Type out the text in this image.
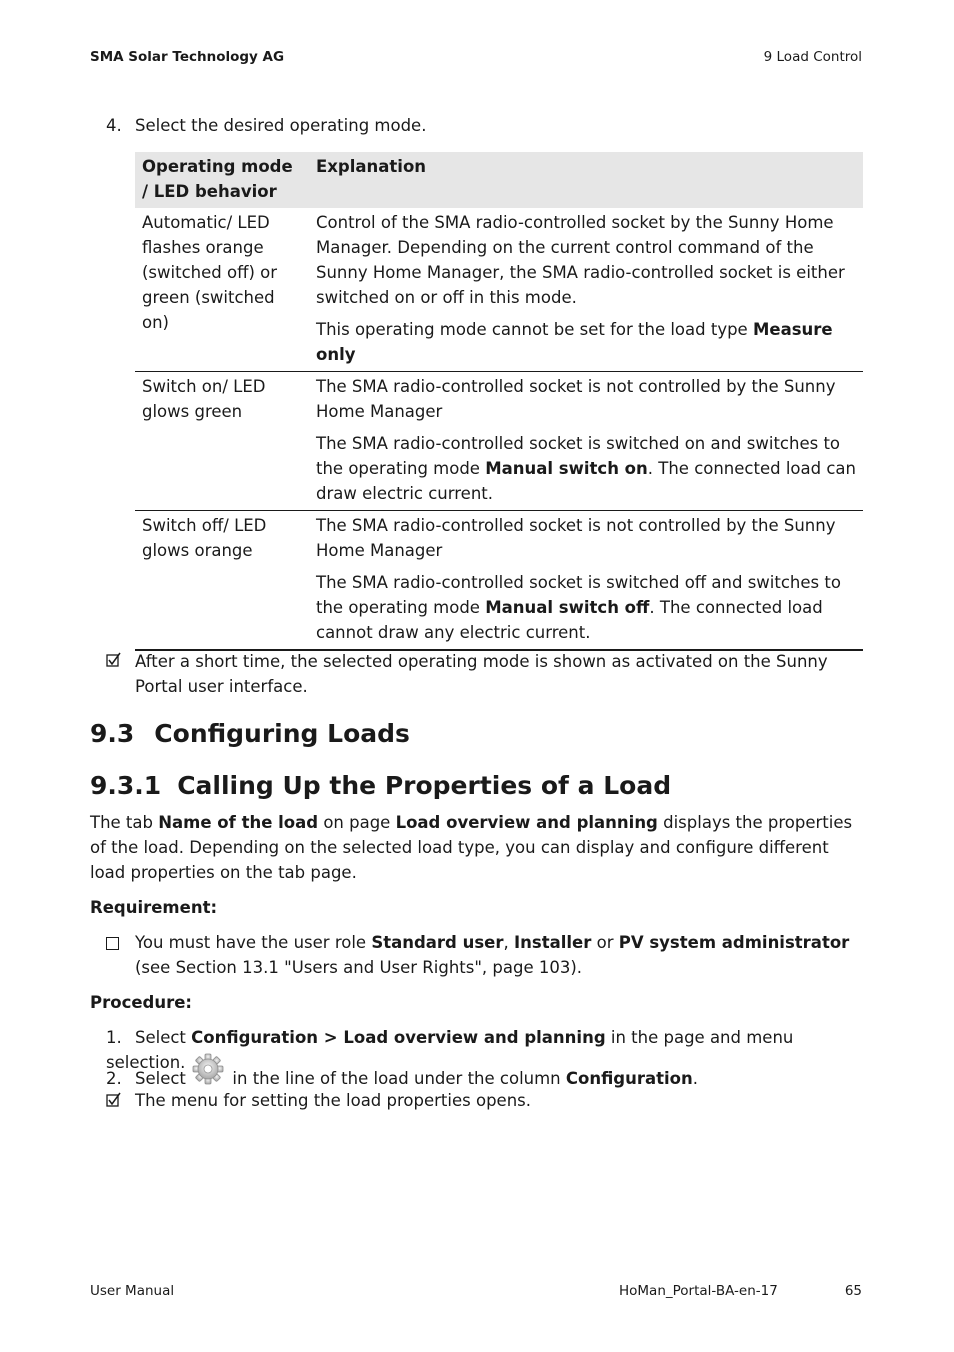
SMA Solar Technology AG	9 Load Control
4. Select the desired operating mode.
Operating mode / LED behavior	Explanation
Automatic/ LED flashes orange (switched off) or green (switched on)	Control of the SMA radio-controlled socket by the Sunny Home Manager. Depending on the current control command of the Sunny Home Manager, the SMA radio-controlled socket is either switched on or off in this mode.

This operating mode cannot be set for the load type Measure only

Switch on/ LED glows green	The SMA radio-controlled socket is not controlled by the Sunny Home Manager

The SMA radio-controlled socket is switched on and switches to the operating mode Manual switch on. The connected load can draw electric current.

Switch off/ LED glows orange	The SMA radio-controlled socket is not controlled by the Sunny Home Manager

The SMA radio-controlled socket is switched off and switches to the operating mode Manual switch off. The connected load cannot draw any electric current.

After a short time, the selected operating mode is shown as activated on the Sunny Portal user interface.
9.3 Configuring Loads
9.3.1 Calling Up the Properties of a Load
The tab Name of the load on page Load overview and planning displays the properties of the load. Depending on the selected load type, you can display and configure different load properties on the tab page.
Requirement:
You must have the user role Standard user, Installer or PV system administrator
(see Section 13.1 "Users and User Rights", page 103).
Procedure:
1. Select Configuration > Load overview and planning in the page and menu selection.
2. Select  in the line of the load under the column Configuration.
The menu for setting the load properties opens.
User Manual	HoMan_Portal-BA-en-17	65
